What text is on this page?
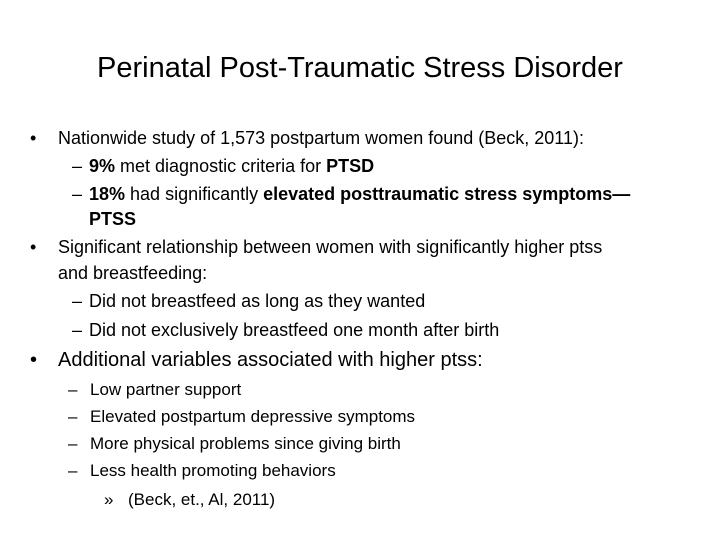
Perinatal Post-Traumatic Stress Disorder
• Nationwide study of 1,573 postpartum women found (Beck, 2011):
– 9% met diagnostic criteria for PTSD
– 18% had significantly elevated posttraumatic stress symptoms—
PTSS
• Significant relationship between women with significantly higher ptss
and breastfeeding:
– Did not breastfeed as long as they wanted
– Did not exclusively breastfeed one month after birth
• Additional variables associated with higher ptss:
– Low partner support
– Elevated postpartum depressive symptoms
– More physical problems since giving birth
– Less health promoting behaviors
» (Beck, et., Al, 2011)
